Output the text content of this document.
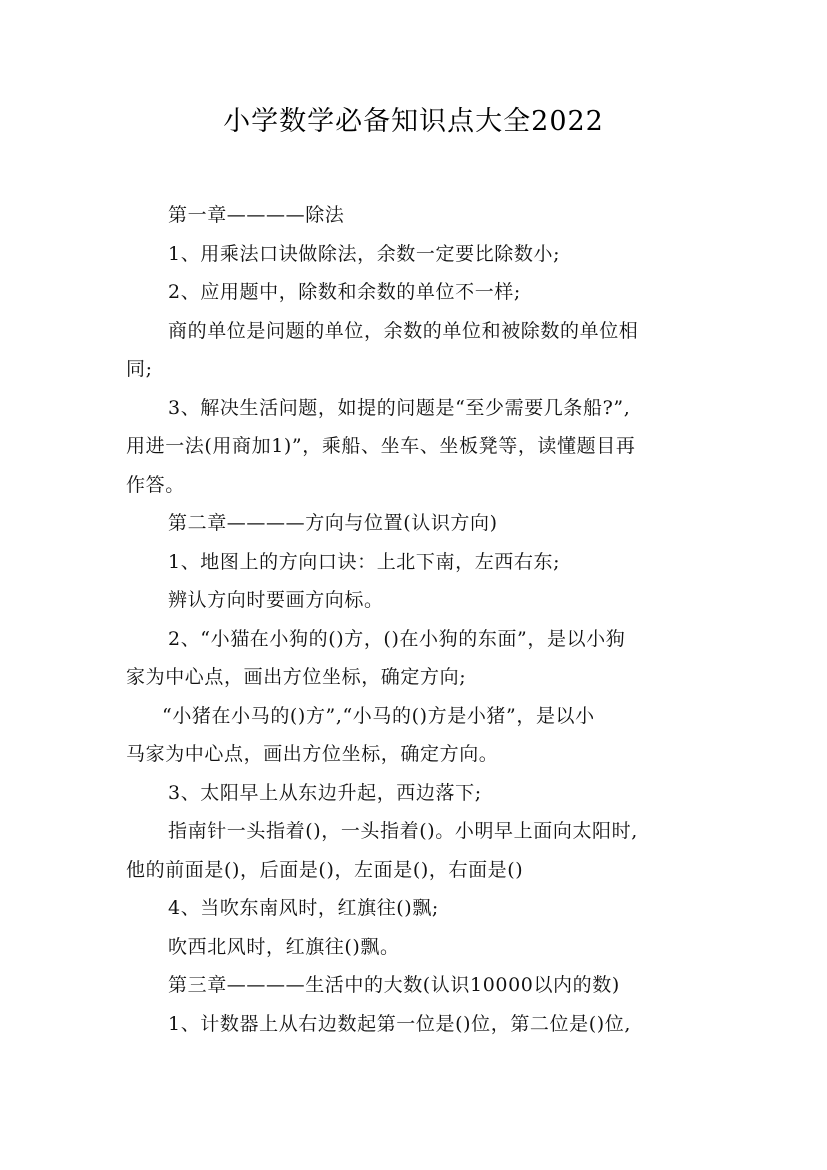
小学数学必备知识点大全2022
第一章————除法
1、用乘法口诀做除法，余数一定要比除数小;
2、应用题中，除数和余数的单位不一样;
商的单位是问题的单位，余数的单位和被除数的单位相
同;
3、解决生活问题，如提的问题是“至少需要几条船?”,
用进一法(用商加1)”，乘船、坐车、坐板凳等，读懂题目再
作答。
第二章————方向与位置(认识方向)
1、地图上的方向口诀：上北下南，左西右东;
辨认方向时要画方向标。
2、“小猫在小狗的()方，()在小狗的东面”，是以小狗
家为中心点，画出方位坐标，确定方向;
“小猪在小马的()方”,“小马的()方是小猪”，是以小
马家为中心点，画出方位坐标，确定方向。
3、太阳早上从东边升起，西边落下;
指南针一头指着()，一头指着()。小明早上面向太阳时,
他的前面是()，后面是()，左面是()，右面是()
4、当吹东南风时，红旗往()飘;
吹西北风时，红旗往()飘。
第三章————生活中的大数(认识10000以内的数)
1、计数器上从右边数起第一位是()位，第二位是()位,
